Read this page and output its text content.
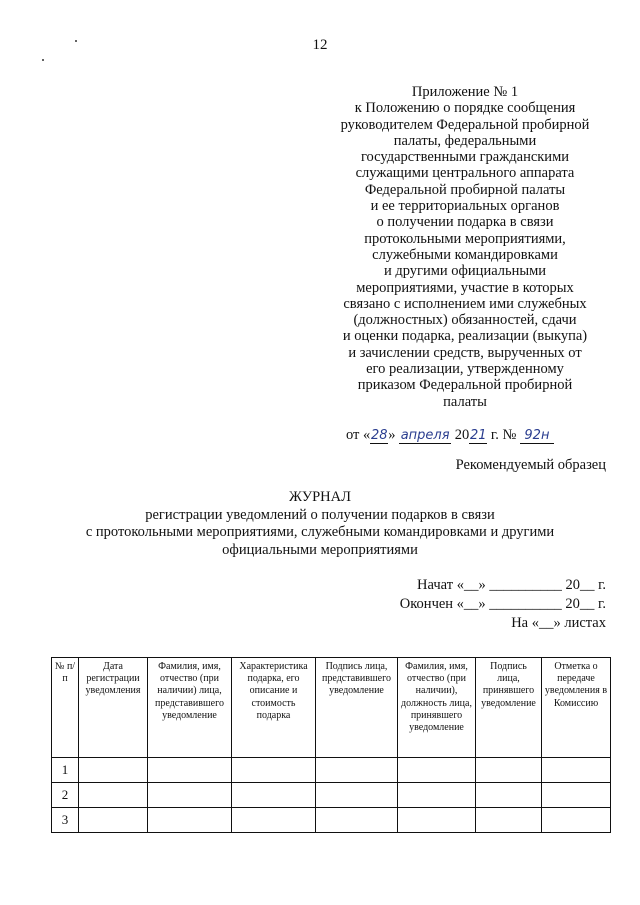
12
Приложение № 1
к Положению о порядке сообщения
руководителем Федеральной пробирной
палаты, федеральными
государственными гражданскими
служащими центрального аппарата
Федеральной пробирной палаты
и ее территориальных органов
о получении подарка в связи
протокольными мероприятиями,
служебными командировками
и другими официальными
мероприятиями, участие в которых
связано с исполнением ими служебных
(должностных) обязанностей, сдачи
и оценки подарка, реализации (выкупа)
и зачислении средств, вырученных от
его реализации, утвержденному
приказом Федеральной пробирной
палаты
от «28» апреля 2021 г. № 92н
Рекомендуемый образец
ЖУРНАЛ
регистрации уведомлений о получении подарков в связи
с протокольными мероприятиями, служебными командировками и другими
официальными мероприятиями
Начат «__» __________ 20__ г.
Окончен «__» __________ 20__ г.
На «__» листах
№ п/п	Дата регистрации уведомления	Фамилия, имя, отчество (при наличии) лица, представившего уведомление	Характеристика подарка, его описание и стоимость подарка	Подпись лица, представившего уведомление	Фамилия, имя, отчество (при наличии), должность лица, принявшего уведомление	Подпись лица, принявшего уведомление	Отметка о передаче уведомления в Комиссию
1							
2							
3							
